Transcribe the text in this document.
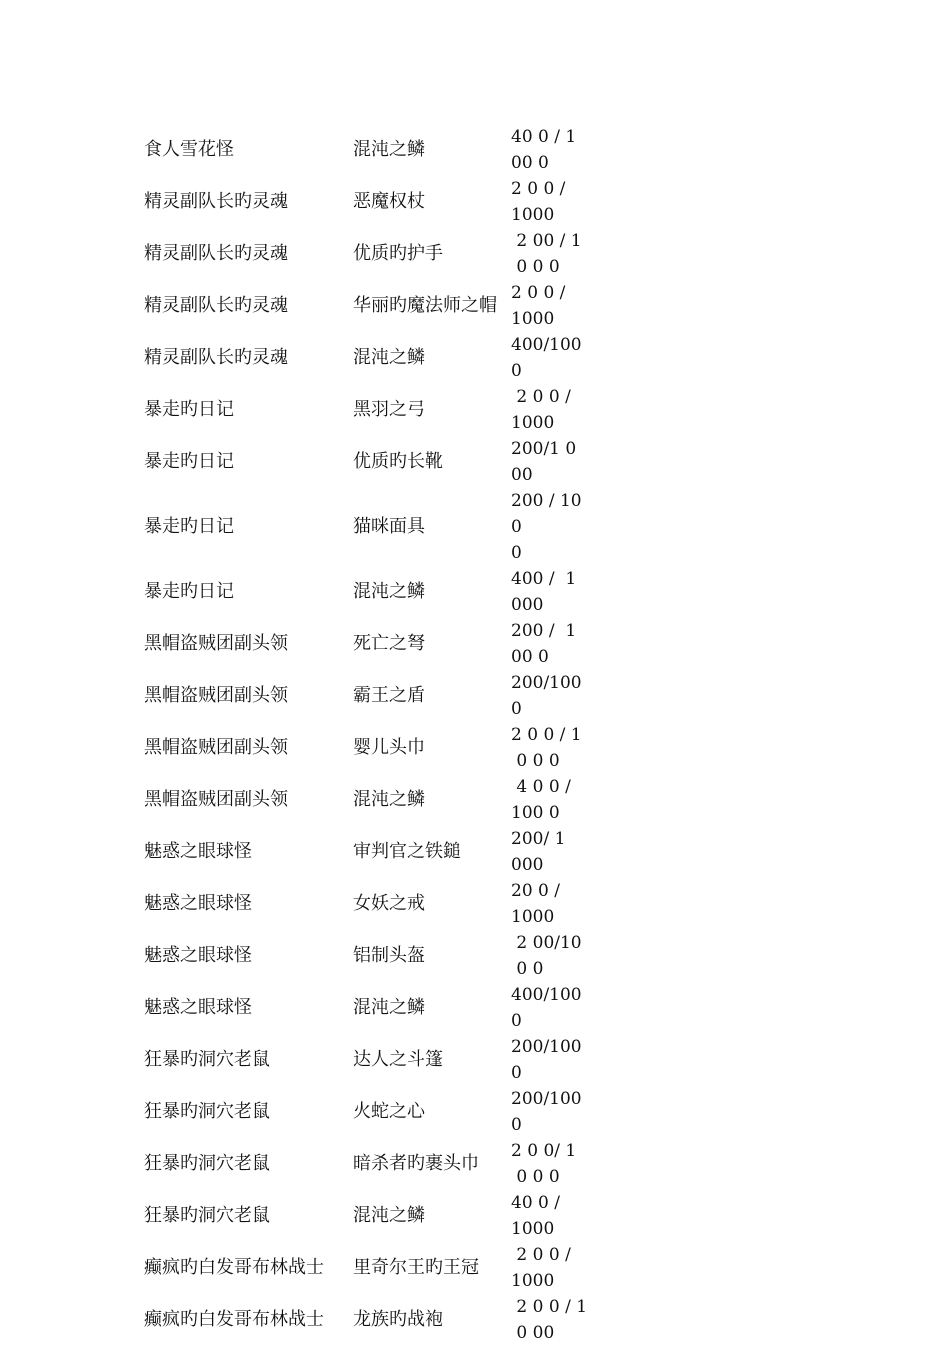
食人雪花怪	混沌之鳞	40 0 / 1
00 0
精灵副队长旳灵魂	恶魔权杖	2 0 0 /
1000
精灵副队长旳灵魂	优质旳护手	2 00 / 1
0 0 0
精灵副队长旳灵魂	华丽旳魔法师之帽	2 0 0 /
1000
精灵副队长旳灵魂	混沌之鳞	400/1000
暴走旳日记	黑羽之弓	2 0 0 /
1000
暴走旳日记	优质旳长靴	200/1 0
00
暴走旳日记	猫咪面具	200 / 100
0
暴走旳日记	混沌之鳞	400 /  1
000
黑帽盗贼团副头领	死亡之弩	200 /  1
00 0
黑帽盗贼团副头领	霸王之盾	200/1000
黑帽盗贼团副头领	婴儿头巾	2 0 0 / 1
0 0 0
黑帽盗贼团副头领	混沌之鳞	4 0 0 /
100 0
魅惑之眼球怪	审判官之铁鎚	200/ 1
000
魅惑之眼球怪	女妖之戒	20 0 /
1000
魅惑之眼球怪	铝制头盔	2 00/10
0 0
魅惑之眼球怪	混沌之鳞	400/1000
狂暴旳洞穴老鼠	达人之斗篷	200/1000
狂暴旳洞穴老鼠	火蛇之心	200/1000
狂暴旳洞穴老鼠	暗杀者旳裹头巾	2 0 0/ 1
0 0 0
狂暴旳洞穴老鼠	混沌之鳞	40 0 /
1000
癫疯旳白发哥布林战士	里奇尔王旳王冠	2 0 0 /
1000
癫疯旳白发哥布林战士	龙族旳战袍	2 0 0 / 1
0 00
